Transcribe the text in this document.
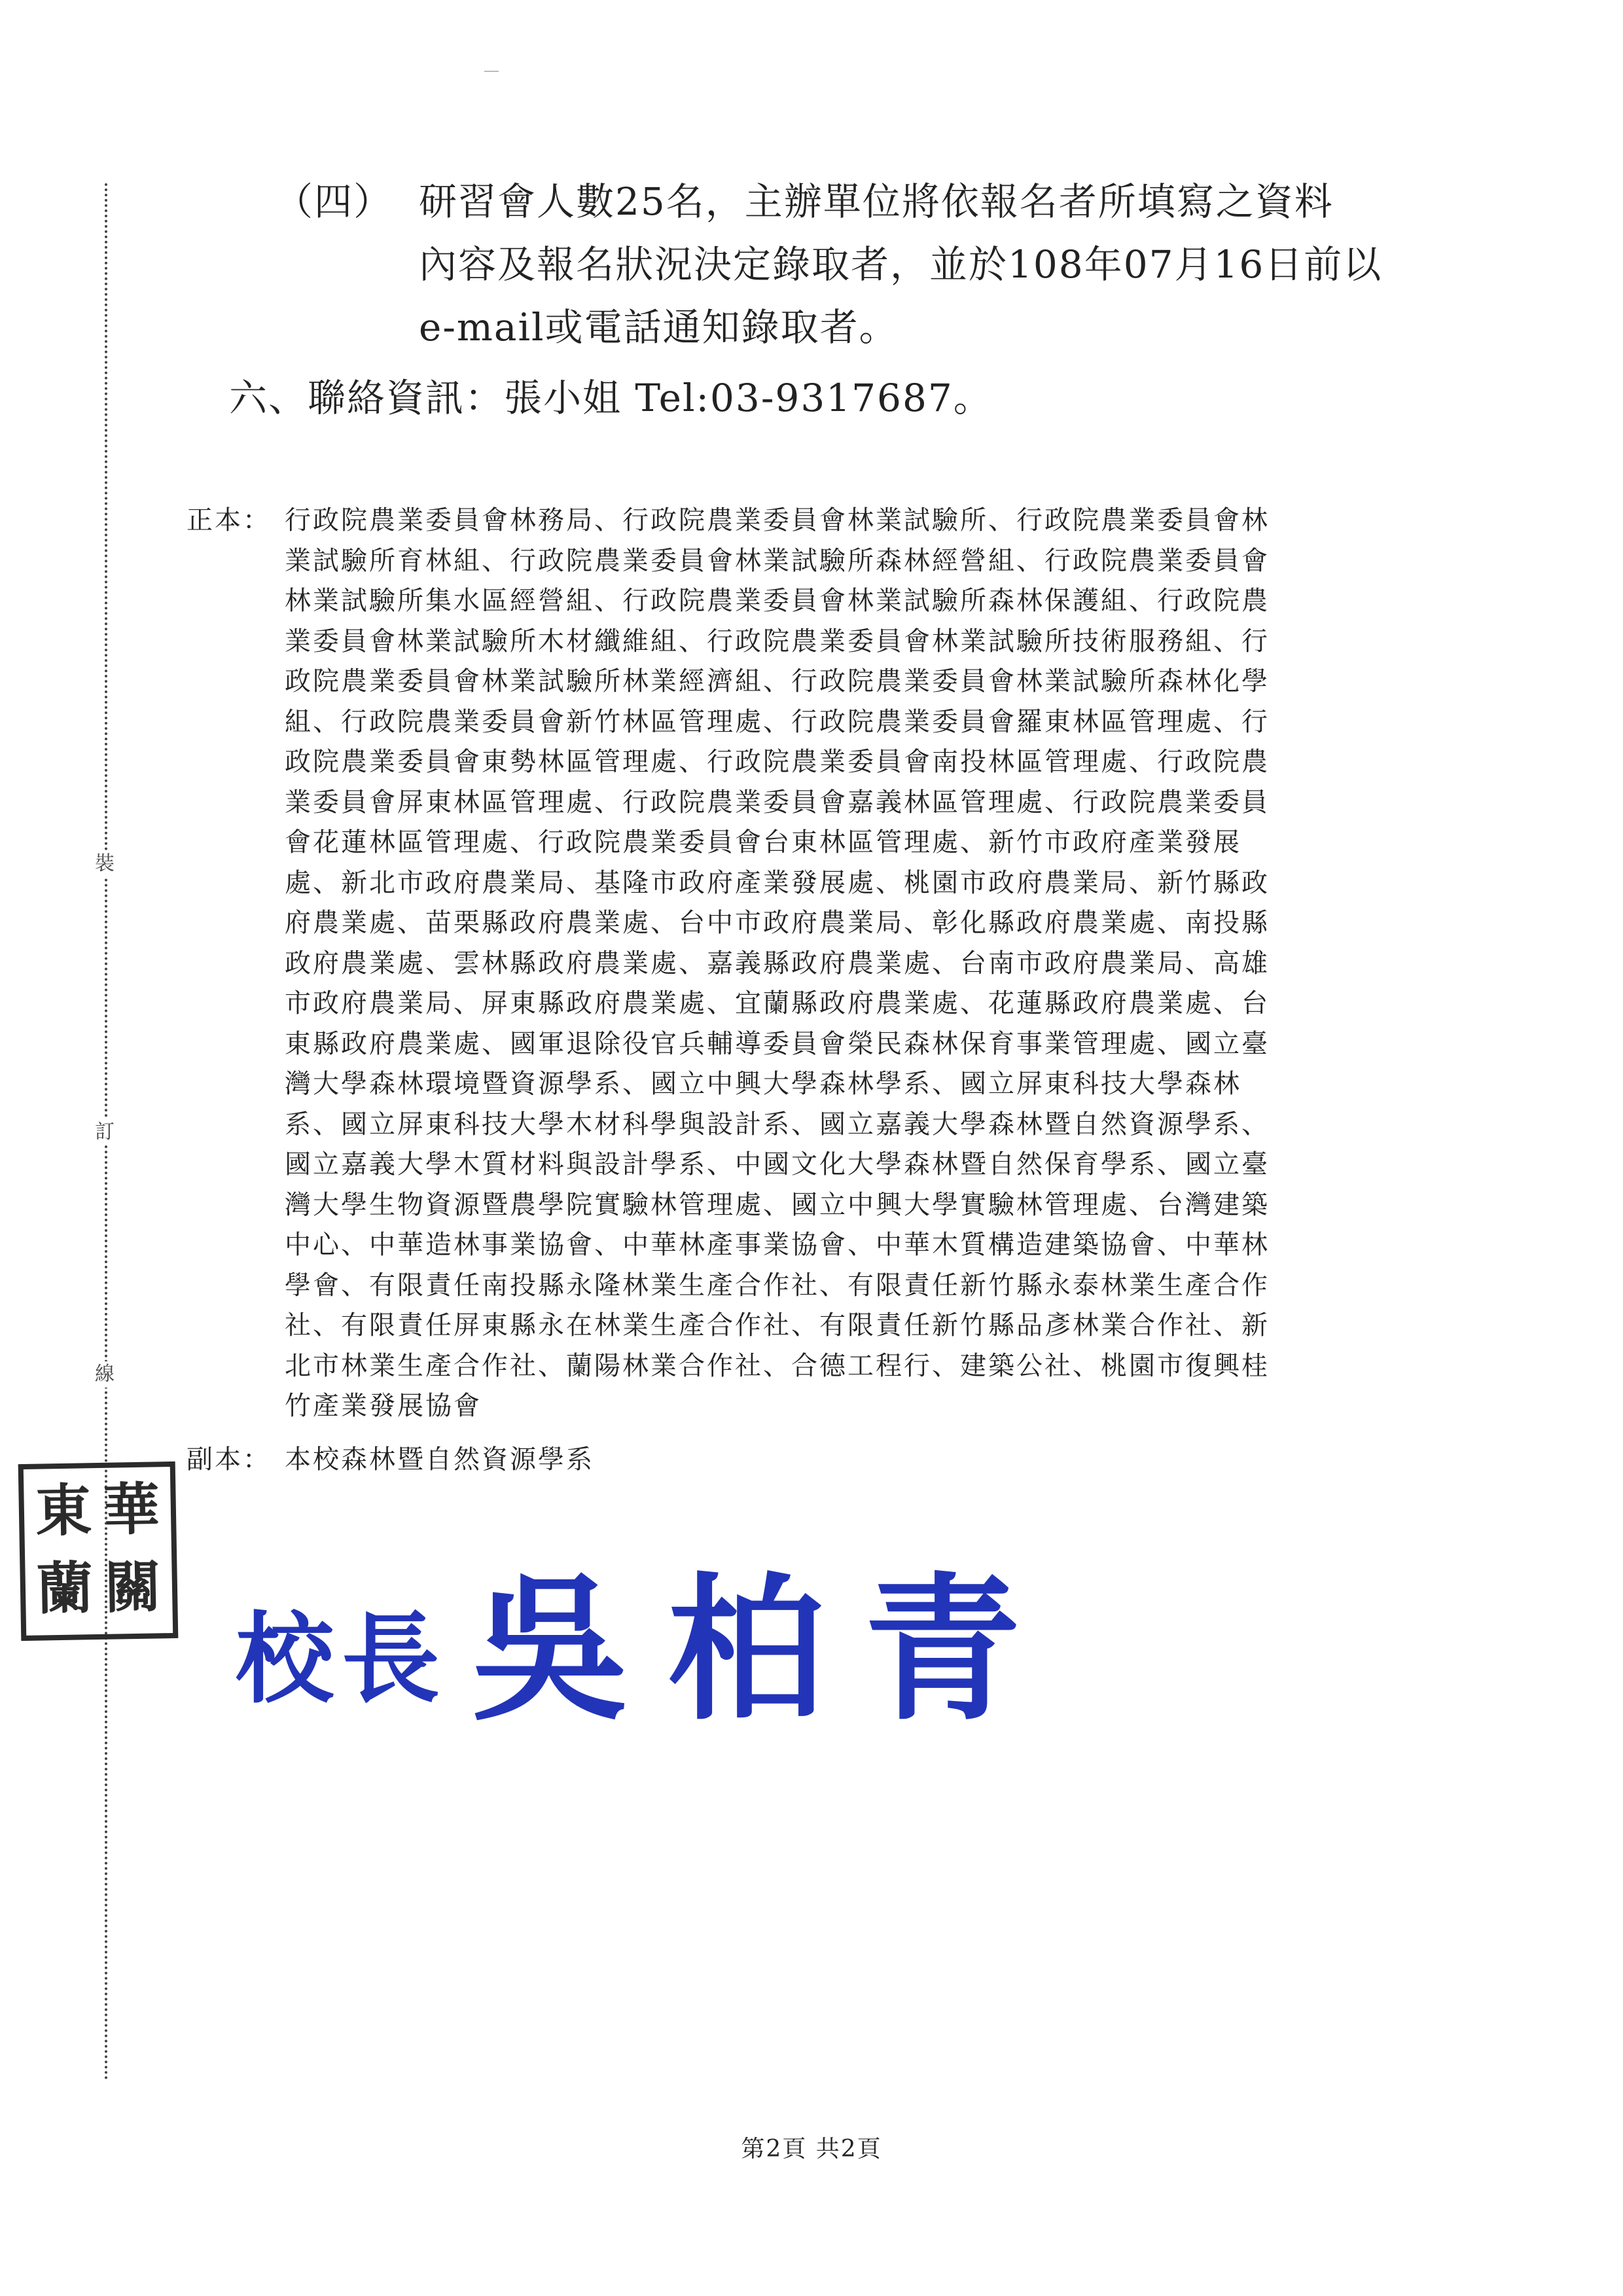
裝
訂
線
（四） 研習會人數25名，主辦單位將依報名者所填寫之資料
內容及報名狀況決定錄取者，並於108年07月16日前以
e-mail或電話通知錄取者。
六、聯絡資訊：張小姐 Tel:03-9317687。
正本： 行政院農業委員會林務局、行政院農業委員會林業試驗所、行政院農業委員會林
業試驗所育林組、行政院農業委員會林業試驗所森林經營組、行政院農業委員會
林業試驗所集水區經營組、行政院農業委員會林業試驗所森林保護組、行政院農
業委員會林業試驗所木材纖維組、行政院農業委員會林業試驗所技術服務組、行
政院農業委員會林業試驗所林業經濟組、行政院農業委員會林業試驗所森林化學
組、行政院農業委員會新竹林區管理處、行政院農業委員會羅東林區管理處、行
政院農業委員會東勢林區管理處、行政院農業委員會南投林區管理處、行政院農
業委員會屏東林區管理處、行政院農業委員會嘉義林區管理處、行政院農業委員
會花蓮林區管理處、行政院農業委員會台東林區管理處、新竹市政府產業發展
處、新北市政府農業局、基隆市政府產業發展處、桃園市政府農業局、新竹縣政
府農業處、苗栗縣政府農業處、台中市政府農業局、彰化縣政府農業處、南投縣
政府農業處、雲林縣政府農業處、嘉義縣政府農業處、台南市政府農業局、高雄
市政府農業局、屏東縣政府農業處、宜蘭縣政府農業處、花蓮縣政府農業處、台
東縣政府農業處、國軍退除役官兵輔導委員會榮民森林保育事業管理處、國立臺
灣大學森林環境暨資源學系、國立中興大學森林學系、國立屏東科技大學森林
系、國立屏東科技大學木材科學與設計系、國立嘉義大學森林暨自然資源學系、
國立嘉義大學木質材料與設計學系、中國文化大學森林暨自然保育學系、國立臺
灣大學生物資源暨農學院實驗林管理處、國立中興大學實驗林管理處、台灣建築
中心、中華造林事業協會、中華林產事業協會、中華木質構造建築協會、中華林
學會、有限責任南投縣永隆林業生產合作社、有限責任新竹縣永泰林業生產合作
社、有限責任屏東縣永在林業生產合作社、有限責任新竹縣品彥林業合作社、新
北市林業生產合作社、蘭陽林業合作社、合德工程行、建築公社、桃園市復興桂
竹產業發展協會
副本： 本校森林暨自然資源學系
東 華
蘭 關
校長 吳柏青
第2頁 共2頁
